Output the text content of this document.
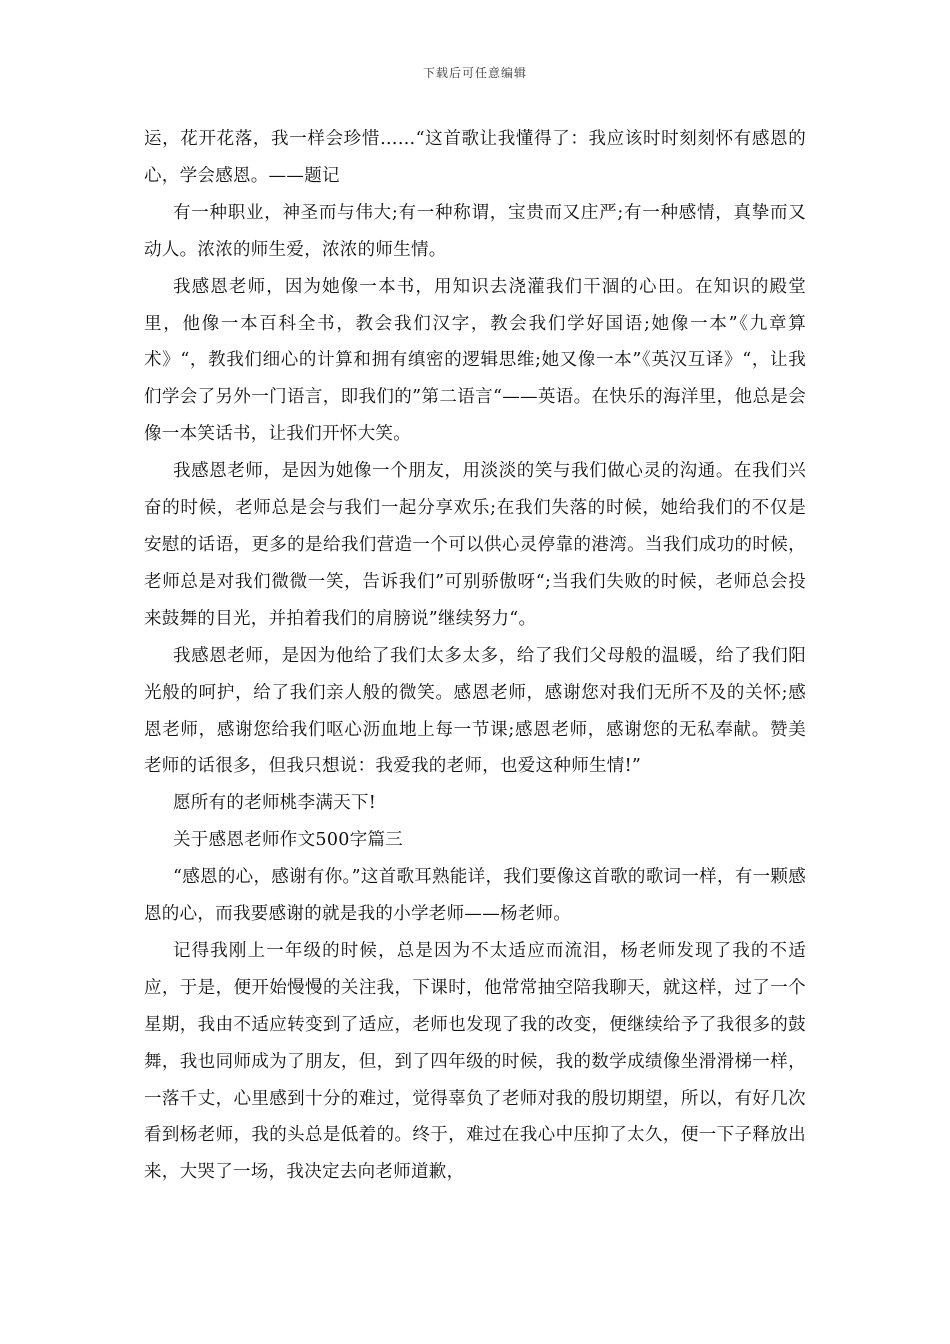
下载后可任意编辑

运，花开花落，我一样会珍惜……“这首歌让我懂得了：我应该时时刻刻怀有感恩的心，学会感恩。——题记

有一种职业，神圣而与伟大;有一种称谓，宝贵而又庄严;有一种感情，真挚而又动人。浓浓的师生爱，浓浓的师生情。

我感恩老师，因为她像一本书，用知识去浇灌我们干涸的心田。在知识的殿堂里，他像一本百科全书，教会我们汉字，教会我们学好国语;她像一本”《九章算术》“，教我们细心的计算和拥有缜密的逻辑思维;她又像一本”《英汉互译》“，让我们学会了另外一门语言，即我们的”第二语言“——英语。在快乐的海洋里，他总是会像一本笑话书，让我们开怀大笑。

我感恩老师，是因为她像一个朋友，用淡淡的笑与我们做心灵的沟通。在我们兴奋的时候，老师总是会与我们一起分享欢乐;在我们失落的时候，她给我们的不仅是安慰的话语，更多的是给我们营造一个可以供心灵停靠的港湾。当我们成功的时候，老师总是对我们微微一笑，告诉我们”可别骄傲呀“;当我们失败的时候，老师总会投来鼓舞的目光，并拍着我们的肩膀说”继续努力“。

我感恩老师，是因为他给了我们太多太多，给了我们父母般的温暖，给了我们阳光般的呵护，给了我们亲人般的微笑。感恩老师，感谢您对我们无所不及的关怀;感恩老师，感谢您给我们呕心沥血地上每一节课;感恩老师，感谢您的无私奉献。赞美老师的话很多，但我只想说：我爱我的老师，也爱这种师生情!”

愿所有的老师桃李满天下!

关于感恩老师作文500字篇三

“感恩的心，感谢有你。”这首歌耳熟能详，我们要像这首歌的歌词一样，有一颗感恩的心，而我要感谢的就是我的小学老师——杨老师。

记得我刚上一年级的时候，总是因为不太适应而流泪，杨老师发现了我的不适应，于是，便开始慢慢的关注我，下课时，他常常抽空陪我聊天，就这样，过了一个星期，我由不适应转变到了适应，老师也发现了我的改变，便继续给予了我很多的鼓舞，我也同师成为了朋友，但，到了四年级的时候，我的数学成绩像坐滑滑梯一样，一落千丈，心里感到十分的难过，觉得辜负了老师对我的殷切期望，所以，有好几次看到杨老师，我的头总是低着的。终于，难过在我心中压抑了太久，便一下子释放出来，大哭了一场，我决定去向老师道歉，
